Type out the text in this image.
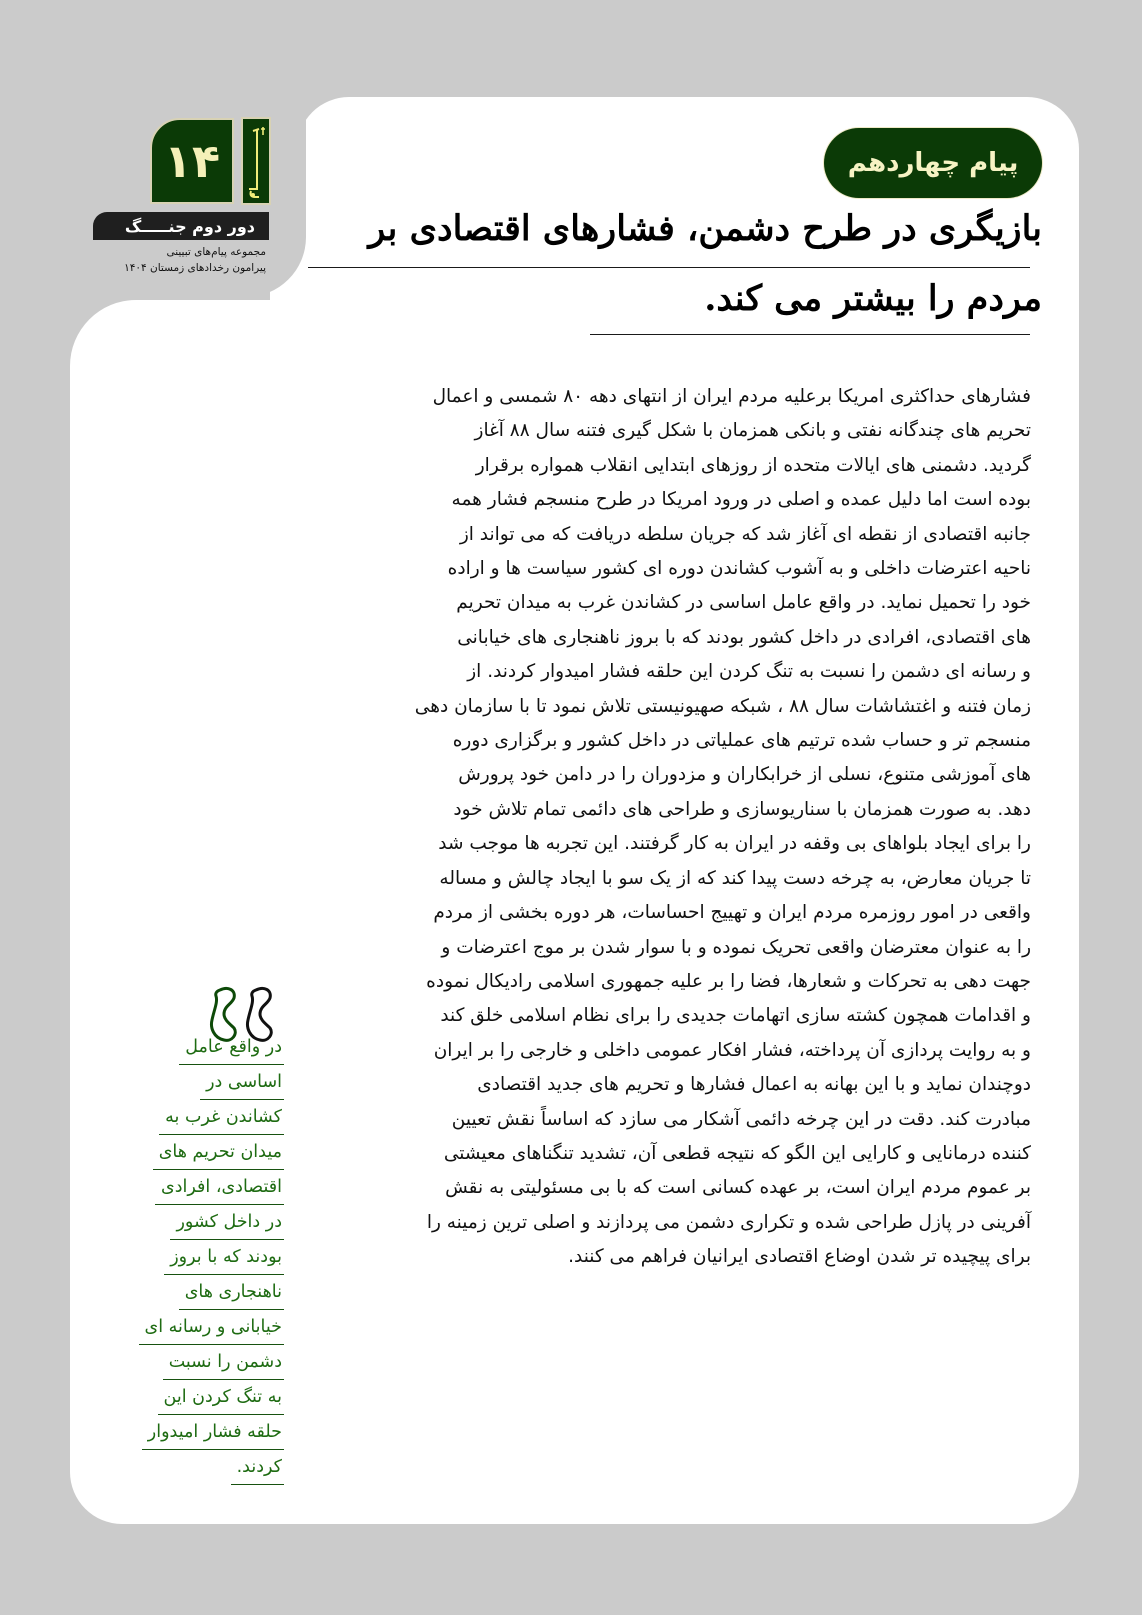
۱۴
دور دوم جنـــــگ
مجموعه پیام‌های تبیینی
پیرامون رخدادهای زمستان ۱۴۰۴
پیام چهاردهم
بازیگری در طرح دشمن، فشارهای اقتصادی بر
مردم را بیشتر می کند.
فشارهای حداکثری امریکا برعلیه مردم ایران از انتهای دهه ۸۰ شمسی و اعمال
تحریم های چندگانه نفتی و بانکی همزمان با شکل گیری فتنه سال ۸۸ آغاز
گردید. دشمنی های ایالات متحده از روزهای ابتدایی انقلاب همواره برقرار
بوده است اما دلیل عمده و اصلی در ورود امریکا در طرح منسجم فشار همه
جانبه اقتصادی از نقطه ای آغاز شد که جریان سلطه دریافت که می تواند از
ناحیه اعترضات داخلی و به آشوب کشاندن دوره ای کشور سیاست ها و اراده
خود را تحمیل نماید. در واقع عامل اساسی در کشاندن غرب به میدان تحریم
های اقتصادی، افرادی در داخل کشور بودند که با بروز ناهنجاری های خیابانی
و رسانه ای دشمن را نسبت به تنگ کردن این حلقه فشار امیدوار کردند. از
زمان فتنه و اغتشاشات سال ۸۸ ، شبکه صهیونیستی تلاش نمود تا با سازمان دهی
منسجم تر و حساب شده ترتیم های عملیاتی در داخل کشور و برگزاری دوره
های آموزشی متنوع، نسلی از خرابکاران و مزدوران را در دامن خود پرورش
دهد. به صورت همزمان با سناریوسازی و طراحی های دائمی تمام تلاش خود
را برای ایجاد بلواهای بی وقفه در ایران به کار گرفتند. این تجربه ها موجب شد
تا جریان معارض، به چرخه دست پیدا کند که از یک سو با ایجاد چالش و مساله
واقعی در امور روزمره مردم ایران و تهییج احساسات، هر دوره بخشی از مردم
را به عنوان معترضان واقعی تحریک نموده و با سوار شدن بر موج اعترضات و
جهت دهی به تحرکات و شعارها، فضا را بر علیه جمهوری اسلامی رادیکال نموده
و اقدامات همچون کشته سازی اتهامات جدیدی را برای نظام اسلامی خلق کند
و به روایت پردازی آن پرداخته، فشار افکار عمومی داخلی و خارجی را بر ایران
دوچندان نماید و با این بهانه به اعمال فشارها و تحریم های جدید اقتصادی
مبادرت کند. دقت در این چرخه دائمی آشکار می سازد که اساساً نقش تعیین
کننده درمانایی و کارایی این الگو که نتیجه قطعی آن، تشدید تنگناهای معیشتی
بر عموم مردم ایران است، بر عهده کسانی است که با بی مسئولیتی به نقش
آفرینی در پازل طراحی شده و تکراری دشمن می پردازند و اصلی ترین زمینه را
برای پیچیده تر شدن اوضاع اقتصادی ایرانیان فراهم می کنند.
در واقع عامل
اساسی در
کشاندن غرب به
میدان تحریم های
اقتصادی، افرادی
در داخل کشور
بودند که با بروز
ناهنجاری های
خیابانی و رسانه ای
دشمن را نسبت
به تنگ کردن این
حلقه فشار امیدوار
کردند.
